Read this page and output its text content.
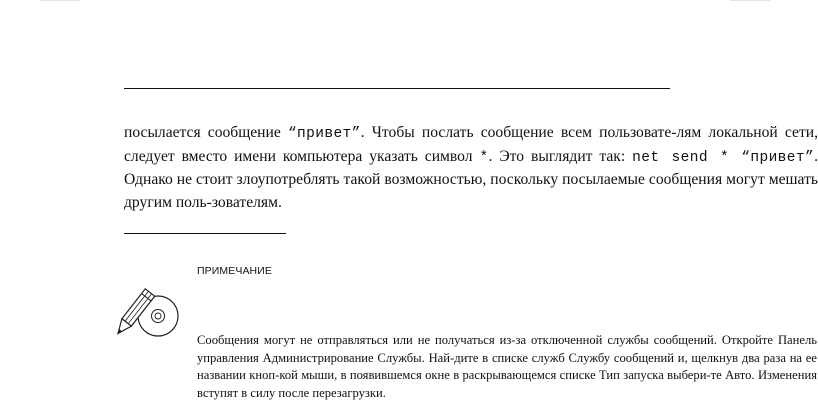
посылается сообщение “привет”. Чтобы послать сообщение всем пользовате-лям локальной сети, следует вместо имени компьютера указать символ *. Это выглядит так: net send * “привет”. Однако не стоит злоупотреблять такой возможностью, поскольку посылаемые сообщения могут мешать другим поль-зователям.
ПРИМЕЧАНИЕ
Сообщения могут не отправляться или не получаться из-за отключенной службы сообщений. Откройте Панель управления Администрирование Службы. Най-дите в списке служб Службу сообщений и, щелкнув два раза на ее названии кноп-кой мыши, в появившемся окне в раскрывающемся списке Тип запуска выбери-те Авто. Изменения вступят в силу после перезагрузки.
